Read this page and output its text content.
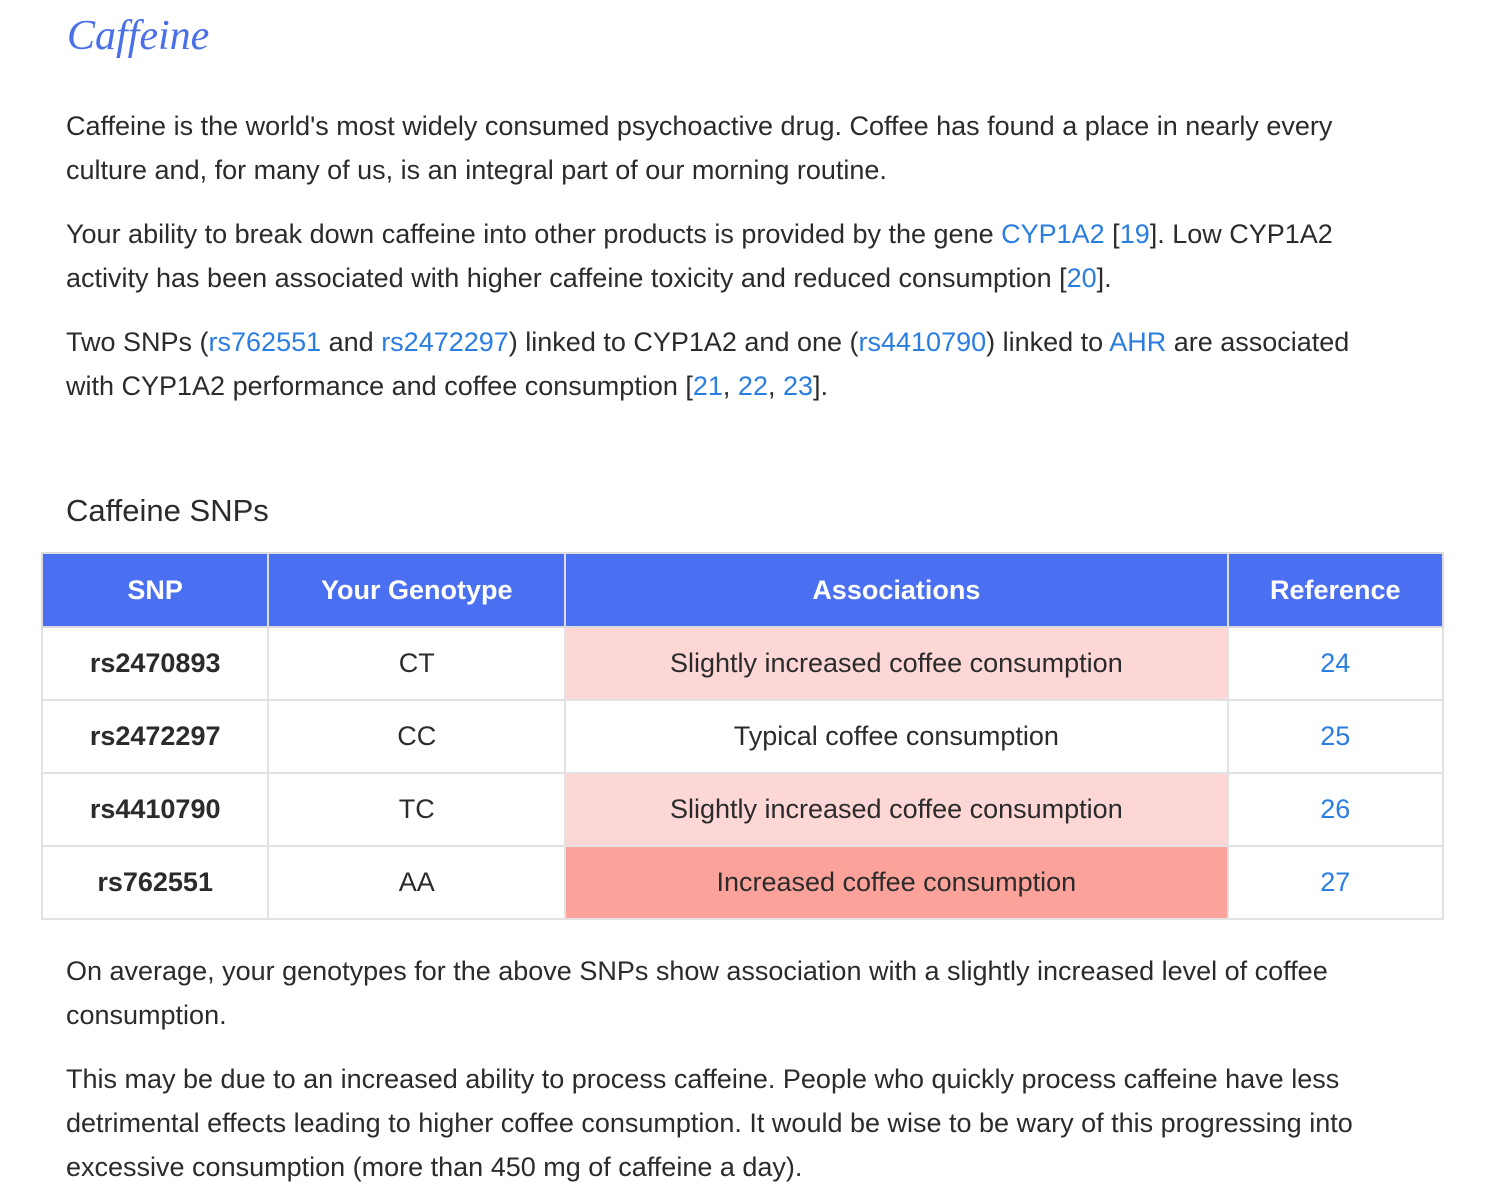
Caffeine

Caffeine is the world's most widely consumed psychoactive drug. Coffee has found a place in nearly every culture and, for many of us, is an integral part of our morning routine.

Your ability to break down caffeine into other products is provided by the gene CYP1A2 [19]. Low CYP1A2 activity has been associated with higher caffeine toxicity and reduced consumption [20].

Two SNPs (rs762551 and rs2472297) linked to CYP1A2 and one (rs4410790) linked to AHR are associated with CYP1A2 performance and coffee consumption [21, 22, 23].

Caffeine SNPs
SNP	Your Genotype	Associations	Reference
rs2470893	CT	Slightly increased coffee consumption	24
rs2472297	CC	Typical coffee consumption	25
rs4410790	TC	Slightly increased coffee consumption	26
rs762551	AA	Increased coffee consumption	27

On average, your genotypes for the above SNPs show association with a slightly increased level of coffee consumption.

This may be due to an increased ability to process caffeine. People who quickly process caffeine have less detrimental effects leading to higher coffee consumption. It would be wise to be wary of this progressing into excessive consumption (more than 450 mg of caffeine a day).
